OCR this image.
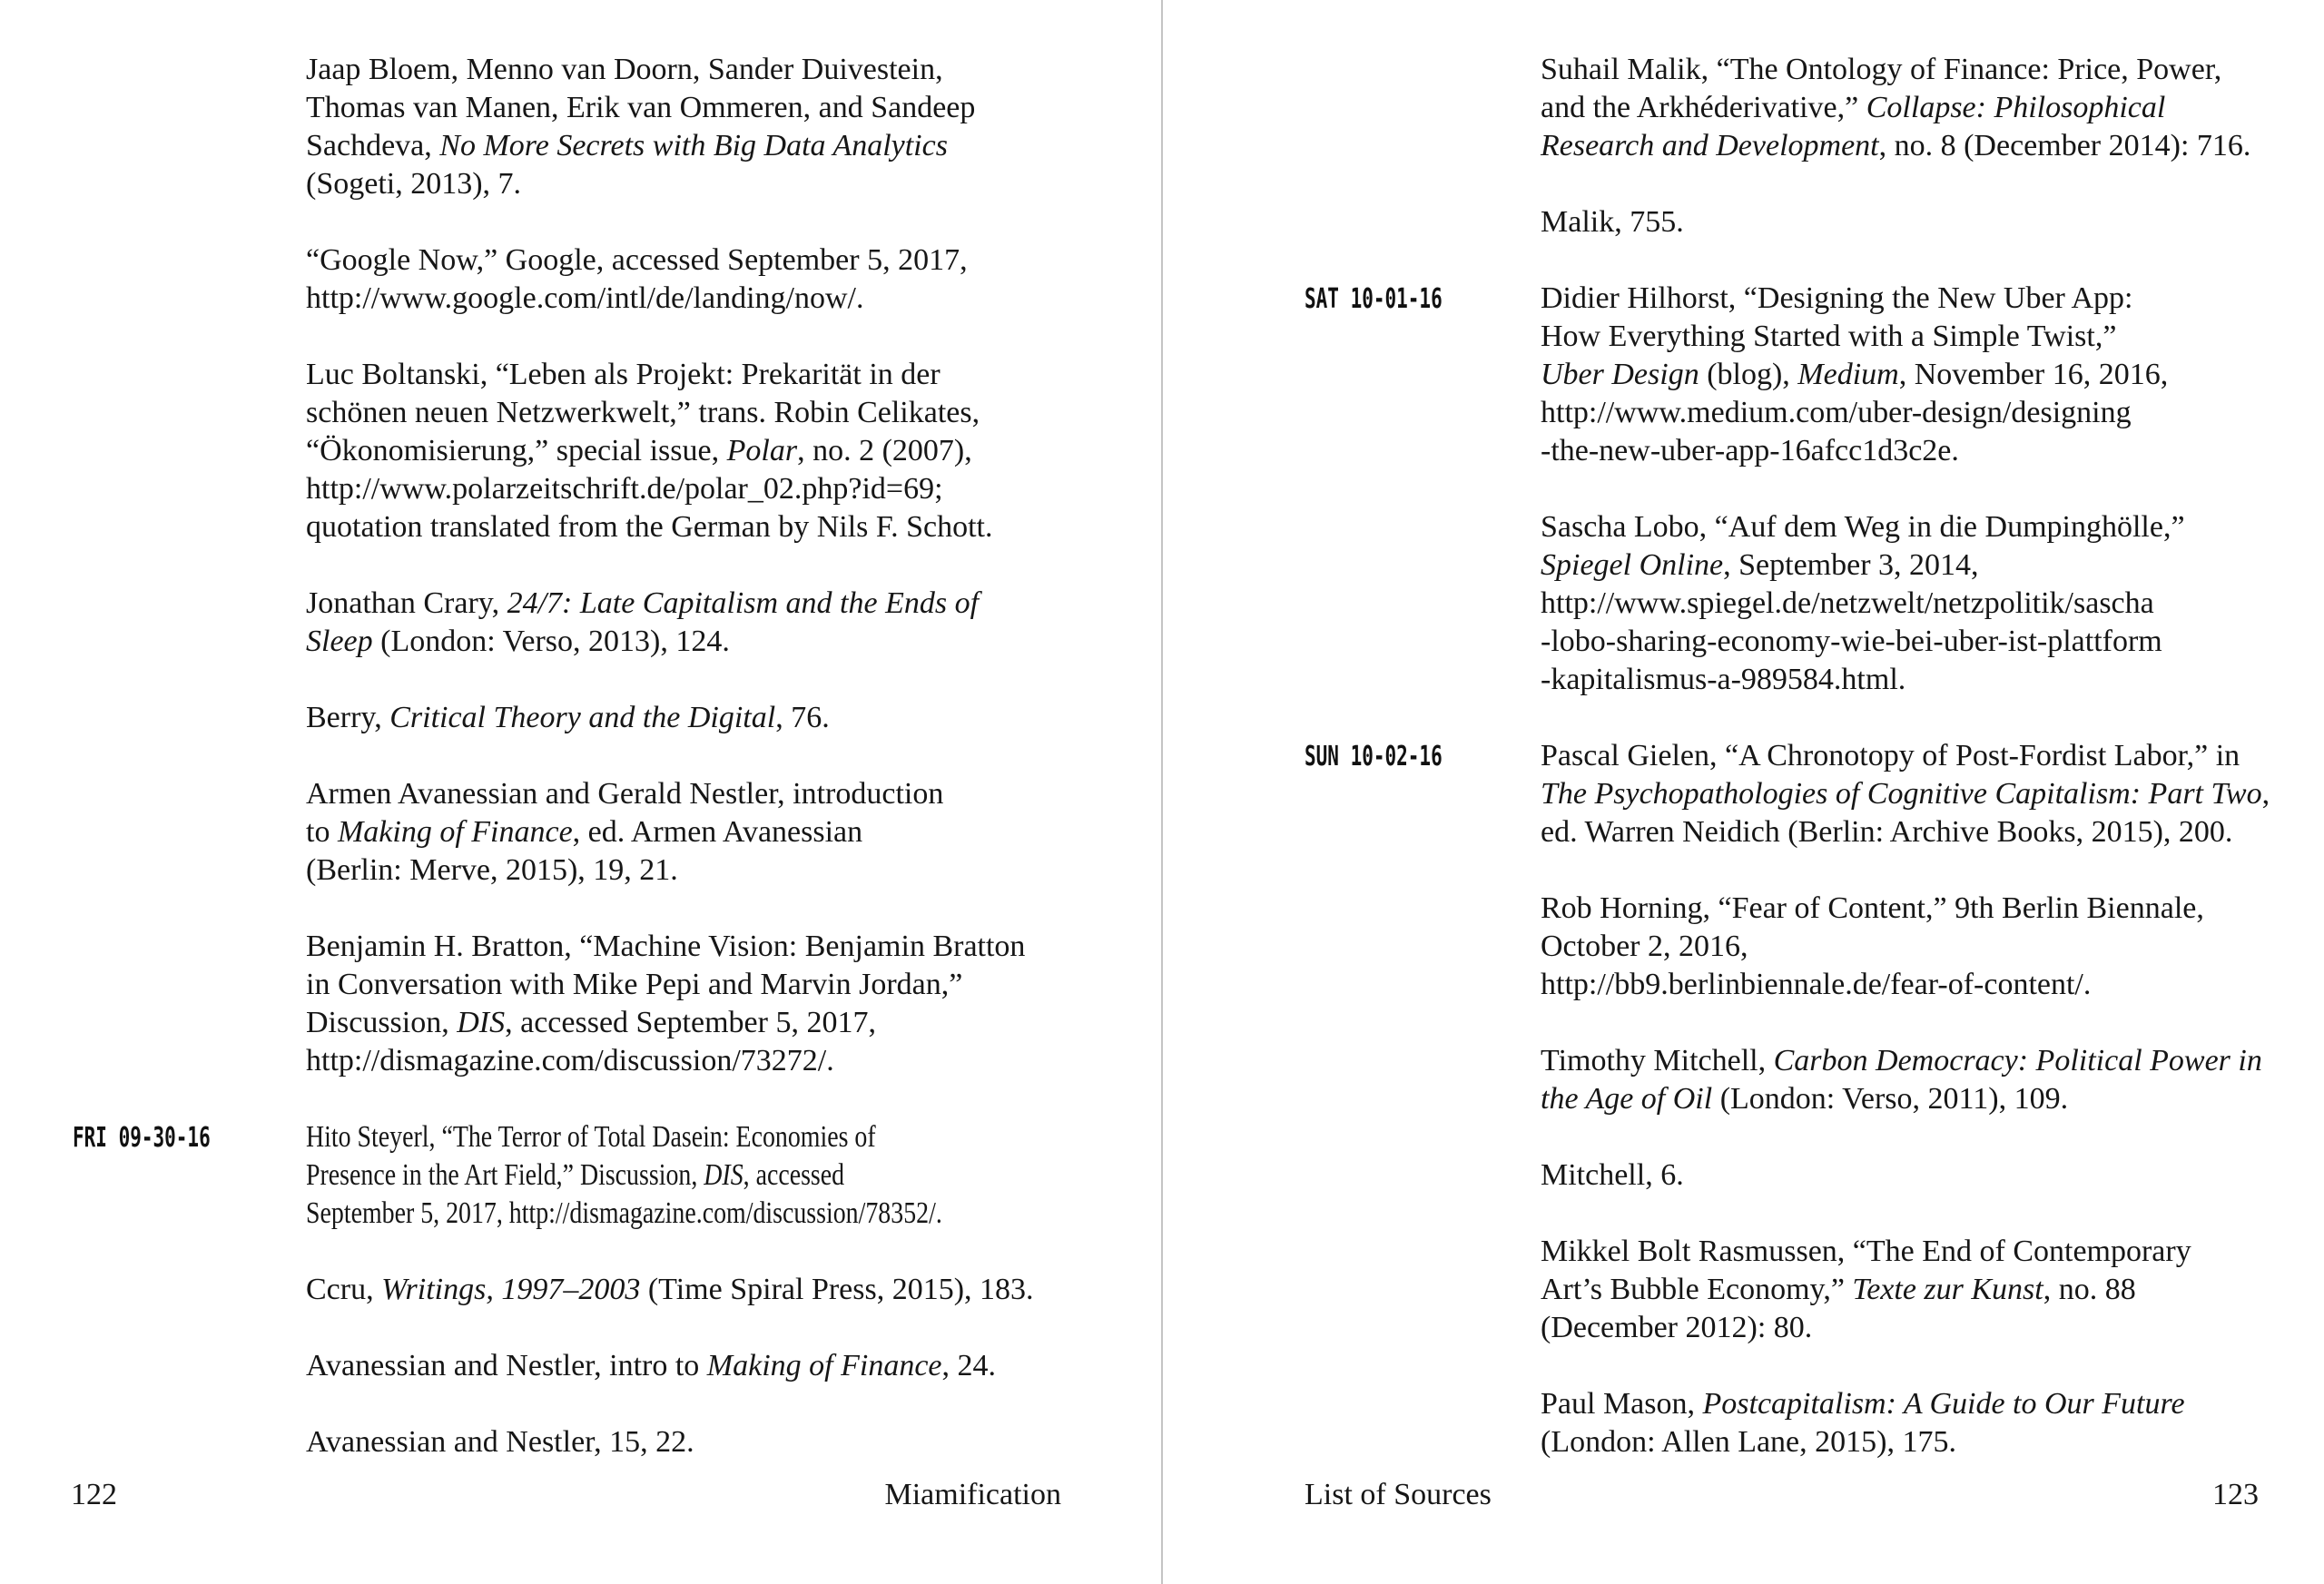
Jaap Bloem, Menno van Doorn, Sander Duivestein,
Thomas van Manen, Erik van Ommeren, and Sandeep
Sachdeva, No More Secrets with Big Data Analytics
(Sogeti, 2013), 7.
“Google Now,” Google, accessed September 5, 2017,
http://www.google.com/intl/de/landing/now/.
Luc Boltanski, “Leben als Projekt: Prekarität in der
schönen neuen Netzwerkwelt,” trans. Robin Celikates,
“Ökonomisierung,” special issue, Polar, no. 2 (2007),
http://www.polarzeitschrift.de/polar_02.php?id=69;
quotation translated from the German by Nils F. Schott.
Jonathan Crary, 24/7: Late Capitalism and the Ends of
Sleep (London: Verso, 2013), 124.
Berry, Critical Theory and the Digital, 76.
Armen Avanessian and Gerald Nestler, introduction
to Making of Finance, ed. Armen Avanessian
(Berlin: Merve, 2015), 19, 21.
Benjamin H. Bratton, “Machine Vision: Benjamin Bratton
in Conversation with Mike Pepi and Marvin Jordan,”
Discussion, DIS, accessed September 5, 2017,
http://dismagazine.com/discussion/73272/.
FRI 09-30-16	Hito Steyerl, “The Terror of Total Dasein: Economies of
Presence in the Art Field,” Discussion, DIS, accessed
September 5, 2017, http://dismagazine.com/discussion/78352/.
Ccru, Writings, 1997–2003 (Time Spiral Press, 2015), 183.
Avanessian and Nestler, intro to Making of Finance, 24.
Avanessian and Nestler, 15, 22.
Suhail Malik, “The Ontology of Finance: Price, Power,
and the Arkhéderivative,” Collapse: Philosophical
Research and Development, no. 8 (December 2014): 716.
Malik, 755.
SAT 10-01-16	Didier Hilhorst, “Designing the New Uber App:
How Everything Started with a Simple Twist,”
Uber Design (blog), Medium, November 16, 2016,
http://www.medium.com/uber-design/designing
-the-new-uber-app-16afcc1d3c2e.
Sascha Lobo, “Auf dem Weg in die Dumpinghölle,”
Spiegel Online, September 3, 2014,
http://www.spiegel.de/netzwelt/netzpolitik/sascha
-lobo-sharing-economy-wie-bei-uber-ist-plattform
-kapitalismus-a-989584.html.
SUN 10-02-16	Pascal Gielen, “A Chronotopy of Post-Fordist Labor,” in
The Psychopathologies of Cognitive Capitalism: Part Two,
ed. Warren Neidich (Berlin: Archive Books, 2015), 200.
Rob Horning, “Fear of Content,” 9th Berlin Biennale,
October 2, 2016,
http://bb9.berlinbiennale.de/fear-of-content/.
Timothy Mitchell, Carbon Democracy: Political Power in
the Age of Oil (London: Verso, 2011), 109.
Mitchell, 6.
Mikkel Bolt Rasmussen, “The End of Contemporary
Art’s Bubble Economy,” Texte zur Kunst, no. 88
(December 2012): 80.
Paul Mason, Postcapitalism: A Guide to Our Future
(London: Allen Lane, 2015), 175.
122	Miamification	List of Sources	123
